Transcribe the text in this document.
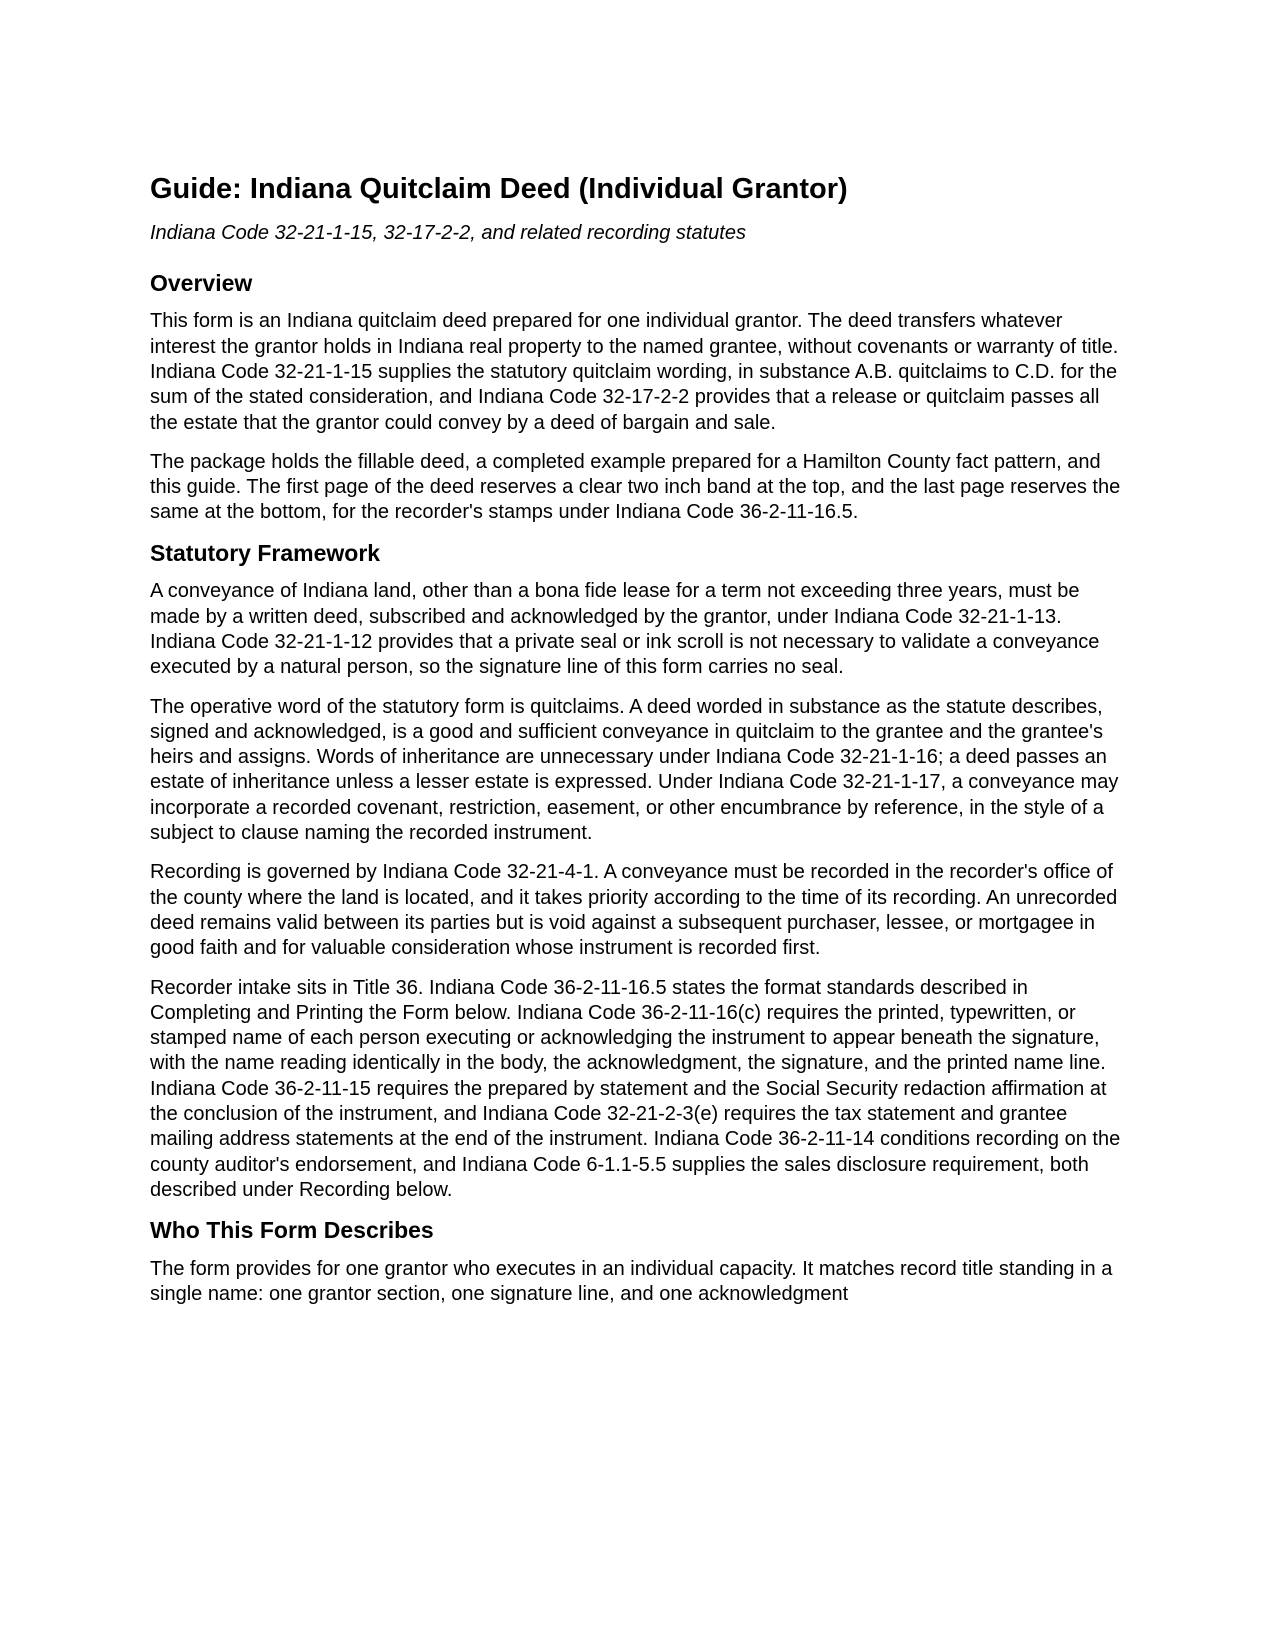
Guide: Indiana Quitclaim Deed (Individual Grantor)
Indiana Code 32-21-1-15, 32-17-2-2, and related recording statutes
Overview

This form is an Indiana quitclaim deed prepared for one individual grantor. The deed transfers whatever interest the grantor holds in Indiana real property to the named grantee, without covenants or warranty of title. Indiana Code 32-21-1-15 supplies the statutory quitclaim wording, in substance A.B. quitclaims to C.D. for the sum of the stated consideration, and Indiana Code 32-17-2-2 provides that a release or quitclaim passes all the estate that the grantor could convey by a deed of bargain and sale.

The package holds the fillable deed, a completed example prepared for a Hamilton County fact pattern, and this guide. The first page of the deed reserves a clear two inch band at the top, and the last page reserves the same at the bottom, for the recorder's stamps under Indiana Code 36-2-11-16.5.

Statutory Framework

A conveyance of Indiana land, other than a bona fide lease for a term not exceeding three years, must be made by a written deed, subscribed and acknowledged by the grantor, under Indiana Code 32-21-1-13. Indiana Code 32-21-1-12 provides that a private seal or ink scroll is not necessary to validate a conveyance executed by a natural person, so the signature line of this form carries no seal.

The operative word of the statutory form is quitclaims. A deed worded in substance as the statute describes, signed and acknowledged, is a good and sufficient conveyance in quitclaim to the grantee and the grantee's heirs and assigns. Words of inheritance are unnecessary under Indiana Code 32-21-1-16; a deed passes an estate of inheritance unless a lesser estate is expressed. Under Indiana Code 32-21-1-17, a conveyance may incorporate a recorded covenant, restriction, easement, or other encumbrance by reference, in the style of a subject to clause naming the recorded instrument.

Recording is governed by Indiana Code 32-21-4-1. A conveyance must be recorded in the recorder's office of the county where the land is located, and it takes priority according to the time of its recording. An unrecorded deed remains valid between its parties but is void against a subsequent purchaser, lessee, or mortgagee in good faith and for valuable consideration whose instrument is recorded first.

Recorder intake sits in Title 36. Indiana Code 36-2-11-16.5 states the format standards described in Completing and Printing the Form below. Indiana Code 36-2-11-16(c) requires the printed, typewritten, or stamped name of each person executing or acknowledging the instrument to appear beneath the signature, with the name reading identically in the body, the acknowledgment, the signature, and the printed name line. Indiana Code 36-2-11-15 requires the prepared by statement and the Social Security redaction affirmation at the conclusion of the instrument, and Indiana Code 32-21-2-3(e) requires the tax statement and grantee mailing address statements at the end of the instrument. Indiana Code 36-2-11-14 conditions recording on the county auditor's endorsement, and Indiana Code 6-1.1-5.5 supplies the sales disclosure requirement, both described under Recording below.

Who This Form Describes

The form provides for one grantor who executes in an individual capacity. It matches record title standing in a single name: one grantor section, one signature line, and one acknowledgment
